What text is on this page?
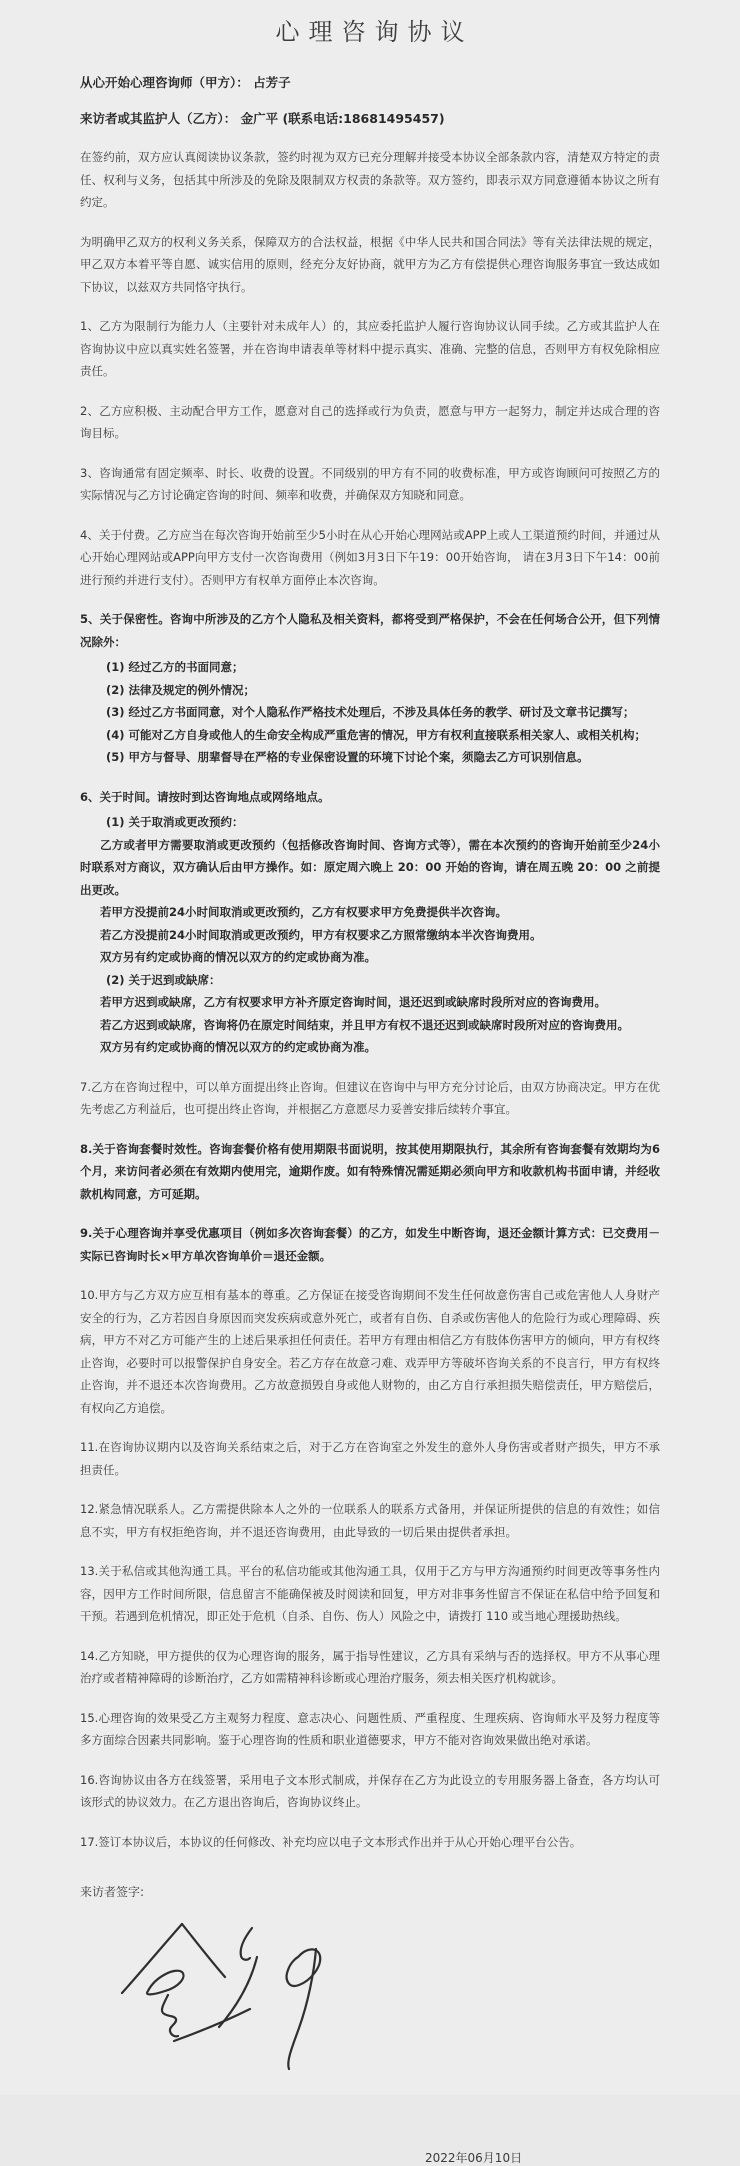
心理咨询协议

从心开始心理咨询师（甲方）： 占芳子

来访者或其监护人（乙方）： 金广平 (联系电话:18681495457)

在签约前，双方应认真阅读协议条款，签约时视为双方已充分理解并接受本协议全部条款内容，清楚双方特定的责任、权利与义务，包括其中所涉及的免除及限制双方权责的条款等。双方签约，即表示双方同意遵循本协议之所有约定。

为明确甲乙双方的权利义务关系，保障双方的合法权益，根据《中华人民共和国合同法》等有关法律法规的规定，甲乙双方本着平等自愿、诚实信用的原则，经充分友好协商，就甲方为乙方有偿提供心理咨询服务事宜一致达成如下协议，以兹双方共同恪守执行。

1、乙方为限制行为能力人（主要针对未成年人）的，其应委托监护人履行咨询协议认同手续。乙方或其监护人在咨询协议中应以真实姓名签署，并在咨询申请表单等材料中提示真实、准确、完整的信息，否则甲方有权免除相应责任。

2、乙方应积极、主动配合甲方工作，愿意对自己的选择或行为负责，愿意与甲方一起努力，制定并达成合理的咨询目标。

3、咨询通常有固定频率、时长、收费的设置。不同级别的甲方有不同的收费标准，甲方或咨询顾问可按照乙方的实际情况与乙方讨论确定咨询的时间、频率和收费，并确保双方知晓和同意。

4、关于付费。乙方应当在每次咨询开始前至少5小时在从心开始心理网站或APP上或人工渠道预约时间，并通过从心开始心理网站或APP向甲方支付一次咨询费用（例如3月3日下午19：00开始咨询， 请在3月3日下午14：00前进行预约并进行支付）。否则甲方有权单方面停止本次咨询。

5、关于保密性。咨询中所涉及的乙方个人隐私及相关资料，都将受到严格保护，不会在任何场合公开，但下列情况除外：

(1) 经过乙方的书面同意；

(2) 法律及规定的例外情况；

(3) 经过乙方书面同意，对个人隐私作严格技术处理后，不涉及具体任务的教学、研讨及文章书记撰写；

(4) 可能对乙方自身或他人的生命安全构成严重危害的情况，甲方有权利直接联系相关家人、或相关机构；

(5) 甲方与督导、朋辈督导在严格的专业保密设置的环境下讨论个案，须隐去乙方可识别信息。

6、关于时间。请按时到达咨询地点或网络地点。

(1) 关于取消或更改预约：

乙方或者甲方需要取消或更改预约（包括修改咨询时间、咨询方式等），需在本次预约的咨询开始前至少24小时联系对方商议，双方确认后由甲方操作。如：原定周六晚上 20：00 开始的咨询，请在周五晚 20：00 之前提出更改。

若甲方没提前24小时间取消或更改预约，乙方有权要求甲方免费提供半次咨询。

若乙方没提前24小时间取消或更改预约，甲方有权要求乙方照常缴纳本半次咨询费用。

双方另有约定或协商的情况以双方的约定或协商为准。

(2) 关于迟到或缺席：

若甲方迟到或缺席，乙方有权要求甲方补齐原定咨询时间，退还迟到或缺席时段所对应的咨询费用。

若乙方迟到或缺席，咨询将仍在原定时间结束，并且甲方有权不退还迟到或缺席时段所对应的咨询费用。

双方另有约定或协商的情况以双方的约定或协商为准。

7.乙方在咨询过程中，可以单方面提出终止咨询。但建议在咨询中与甲方充分讨论后，由双方协商决定。甲方在优先考虑乙方利益后，也可提出终止咨询，并根据乙方意愿尽力妥善安排后续转介事宜。

8.关于咨询套餐时效性。咨询套餐价格有使用期限书面说明，按其使用期限执行，其余所有咨询套餐有效期均为6个月，来访问者必须在有效期内使用完，逾期作废。如有特殊情况需延期必须向甲方和收款机构书面申请，并经收款机构同意，方可延期。

9.关于心理咨询并享受优惠项目（例如多次咨询套餐）的乙方，如发生中断咨询，退还金额计算方式：已交费用－实际已咨询时长×甲方单次咨询单价＝退还金额。

10.甲方与乙方双方应互相有基本的尊重。乙方保证在接受咨询期间不发生任何故意伤害自己或危害他人人身财产安全的行为，乙方若因自身原因而突发疾病或意外死亡，或者有自伤、自杀或伤害他人的危险行为或心理障碍、疾病，甲方不对乙方可能产生的上述后果承担任何责任。若甲方有理由相信乙方有肢体伤害甲方的倾向，甲方有权终止咨询，必要时可以报警保护自身安全。若乙方存在故意刁难、戏弄甲方等破坏咨询关系的不良言行，甲方有权终止咨询，并不退还本次咨询费用。乙方故意损毁自身或他人财物的，由乙方自行承担损失赔偿责任，甲方赔偿后，有权向乙方追偿。

11.在咨询协议期内以及咨询关系结束之后，对于乙方在咨询室之外发生的意外人身伤害或者财产损失，甲方不承担责任。

12.紧急情况联系人。乙方需提供除本人之外的一位联系人的联系方式备用，并保证所提供的信息的有效性；如信息不实，甲方有权拒绝咨询，并不退还咨询费用，由此导致的一切后果由提供者承担。

13.关于私信或其他沟通工具。平台的私信功能或其他沟通工具，仅用于乙方与甲方沟通预约时间更改等事务性内容，因甲方工作时间所限，信息留言不能确保被及时阅读和回复，甲方对非事务性留言不保证在私信中给予回复和干预。若遇到危机情况，即正处于危机（自杀、自伤、伤人）风险之中，请拨打 110 或当地心理援助热线。

14.乙方知晓，甲方提供的仅为心理咨询的服务，属于指导性建议，乙方具有采纳与否的选择权。甲方不从事心理治疗或者精神障碍的诊断治疗，乙方如需精神科诊断或心理治疗服务，须去相关医疗机构就诊。

15.心理咨询的效果受乙方主观努力程度、意志决心、问题性质、严重程度、生理疾病、咨询师水平及努力程度等多方面综合因素共同影响。鉴于心理咨询的性质和职业道德要求，甲方不能对咨询效果做出绝对承诺。

16.咨询协议由各方在线签署，采用电子文本形式制成，并保存在乙方为此设立的专用服务器上备查，各方均认可该形式的协议效力。在乙方退出咨询后，咨询协议终止。

17.签订本协议后，本协议的任何修改、补充均应以电子文本形式作出并于从心开始心理平台公告。

来访者签字:

2022年06月10日
